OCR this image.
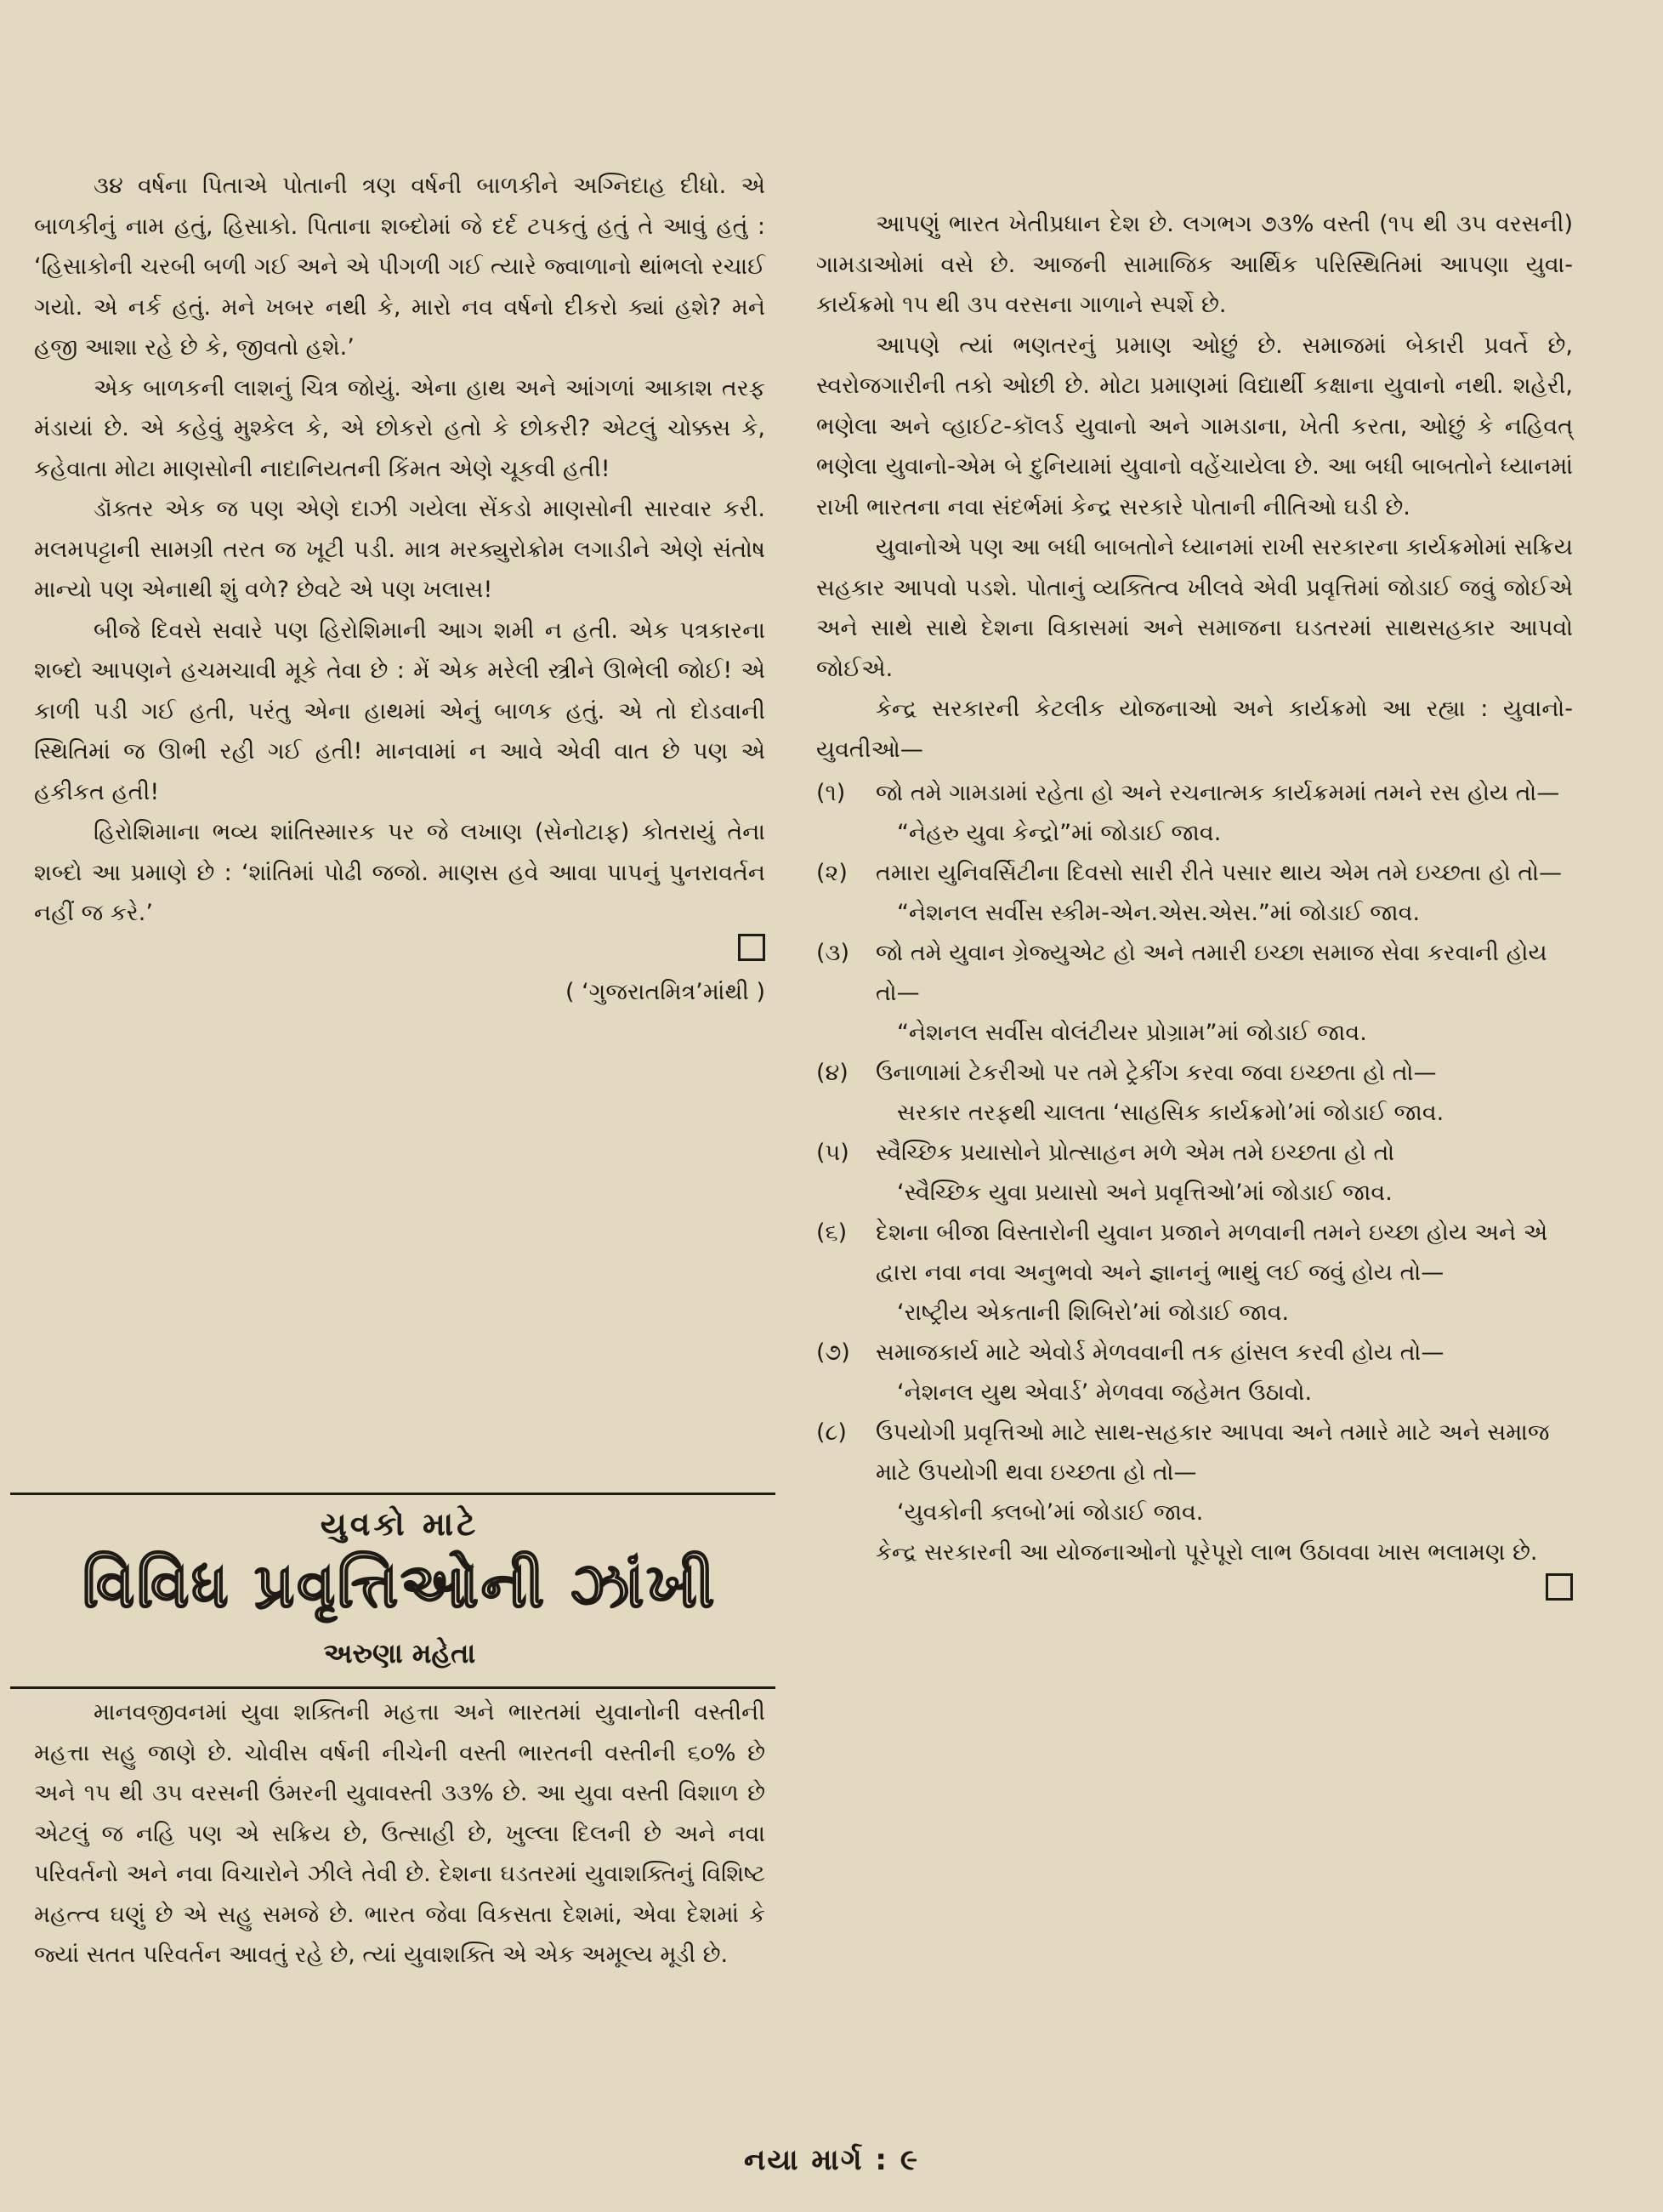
૩૪ વર્ષના પિતાએ પોતાની ત્રણ વર્ષની બાળકીને અગ્નિદાહ દીધો. એ બાળકીનું નામ હતું, હિસાકો. પિતાના શબ્દોમાં જે દર્દ ટપકતું હતું તે આવું હતું : ‘હિસાકોની ચરબી બળી ગઈ અને એ પીગળી ગઈ ત્યારે જ્વાળાનો થાંભલો રચાઈ ગયો. એ નર્ક હતું. મને ખબર નથી કે, મારો નવ વર્ષનો દીકરો ક્યાં હશે? મને હજી આશા રહે છે કે, જીવતો હશે.’

એક બાળકની લાશનું ચિત્ર જોયું. એના હાથ અને આંગળાં આકાશ તરફ મંડાયાં છે. એ કહેવું મુશ્કેલ કે, એ છોકરો હતો કે છોકરી? એટલું ચોક્કસ કે, કહેવાતા મોટા માણસોની નાદાનિયતની કિંમત એણે ચૂકવી હતી!

ડૉક્તર એક જ પણ એણે દાઝી ગયેલા સેંકડો માણસોની સારવાર કરી. મલમપટ્ટાની સામગ્રી તરત જ ખૂટી પડી. માત્ર મરક્યુરોક્રોમ લગાડીને એણે સંતોષ માન્યો પણ એનાથી શું વળે? છેવટે એ પણ ખલાસ!

બીજે દિવસે સવારે પણ હિરોશિમાની આગ શમી ન હતી. એક પત્રકારના શબ્દો આપણને હચમચાવી મૂકે તેવા છે : મેં એક મરેલી સ્ત્રીને ઊભેલી જોઈ! એ કાળી પડી ગઈ હતી, પરંતુ એના હાથમાં એનું બાળક હતું. એ તો દોડવાની સ્થિતિમાં જ ઊભી રહી ગઈ હતી! માનવામાં ન આવે એવી વાત છે પણ એ હકીકત હતી!

હિરોશિમાના ભવ્ય શાંતિસ્મારક પર જે લખાણ (સેનોટાફ) કોતરાયું તેના શબ્દો આ પ્રમાણે છે : ‘શાંતિમાં પોઢી જજો. માણસ હવે આવા પાપનું પુનરાવર્તન નહીં જ કરે.’

( ‘ગુજરાતમિત્ર’માંથી )
યુવકો માટે
વિવિધ પ્રવૃત્તિઓની ઝાંખી
અરુણા મહેતા

માનવજીવનમાં યુવા શક્તિની મહત્તા અને ભારતમાં યુવાનોની વસ્તીની મહત્તા સહુ જાણે છે. ચોવીસ વર્ષની નીચેની વસ્તી ભારતની વસ્તીની ૬૦% છે અને ૧૫ થી ૩૫ વરસની ઉંમરની યુવાવસ્તી ૩૩% છે. આ યુવા વસ્તી વિશાળ છે એટલું જ નહિ પણ એ સક્રિય છે, ઉત્સાહી છે, ખુલ્લા દિલની છે અને નવા પરિવર્તનો અને નવા વિચારોને ઝીલે તેવી છે. દેશના ઘડતરમાં યુવાશક્તિનું વિશિષ્ટ મહત્ત્વ ઘણું છે એ સહુ સમજે છે. ભારત જેવા વિકસતા દેશમાં, એવા દેશમાં કે જ્યાં સતત પરિવર્તન આવતું રહે છે, ત્યાં યુવાશક્તિ એ એક અમૂલ્ય મૂડી છે.

આપણું ભારત ખેતીપ્રધાન દેશ છે. લગભગ ૭૩% વસ્તી (૧૫ થી ૩૫ વરસની) ગામડાઓમાં વસે છે. આજની સામાજિક આર્થિક પરિસ્થિતિમાં આપણા યુવા-કાર્યક્રમો ૧૫ થી ૩૫ વરસના ગાળાને સ્પર્શે છે.

આપણે ત્યાં ભણતરનું પ્રમાણ ઓછું છે. સમાજમાં બેકારી પ્રવર્તે છે, સ્વરોજગારીની તકો ઓછી છે. મોટા પ્રમાણમાં વિદ્યાર્થી કક્ષાના યુવાનો નથી. શહેરી, ભણેલા અને વ્હાઈટ-કૉલર્ડ યુવાનો અને ગામડાના, ખેતી કરતા, ઓછું કે નહિવત્ ભણેલા યુવાનો-એમ બે દુનિયામાં યુવાનો વહેંચાયેલા છે. આ બધી બાબતોને ધ્યાનમાં રાખી ભારતના નવા સંદર્ભમાં કેન્દ્ર સરકારે પોતાની નીતિઓ ઘડી છે.

યુવાનોએ પણ આ બધી બાબતોને ધ્યાનમાં રાખી સરકારના કાર્યક્રમોમાં સક્રિય સહકાર આપવો પડશે. પોતાનું વ્યક્તિત્વ ખીલવે એવી પ્રવૃત્તિમાં જોડાઈ જવું જોઈએ અને સાથે સાથે દેશના વિકાસમાં અને સમાજના ઘડતરમાં સાથસહકાર આપવો જોઈએ.

કેન્દ્ર સરકારની કેટલીક યોજનાઓ અને કાર્યક્રમો આ રહ્યા : યુવાનો-યુવતીઓ—

(૧)	જો તમે ગામડામાં રહેતા હો અને રચનાત્મક કાર્યક્રમમાં તમને રસ હોય તો—
“નેહરુ યુવા કેન્દ્રો”માં જોડાઈ જાવ.
(૨)	તમારા યુનિવર્સિટીના દિવસો સારી રીતે પસાર થાય એમ તમે ઇચ્છતા હો તો—
“નેશનલ સર્વીસ સ્કીમ-એન.એસ.એસ.”માં જોડાઈ જાવ.
(૩)	જો તમે યુવાન ગ્રેજ્યુએટ હો અને તમારી ઇચ્છા સમાજ સેવા કરવાની હોય તો—
“નેશનલ સર્વીસ વોલંટીયર પ્રોગ્રામ”માં જોડાઈ જાવ.
(૪)	ઉનાળામાં ટેકરીઓ પર તમે ટ્રેકીંગ કરવા જવા ઇચ્છતા હો તો—
સરકાર તરફથી ચાલતા ‘સાહસિક કાર્યક્રમો’માં જોડાઈ જાવ.
(૫)	સ્વૈચ્છિક પ્રયાસોને પ્રોત્સાહન મળે એમ તમે ઇચ્છતા હો તો
‘સ્વૈચ્છિક યુવા પ્રયાસો અને પ્રવૃત્તિઓ’માં જોડાઈ જાવ.
(૬)	દેશના બીજા વિસ્તારોની યુવાન પ્રજાને મળવાની તમને ઇચ્છા હોય અને એ દ્વારા નવા નવા અનુભવો અને જ્ઞાનનું ભાથું લઈ જવું હોય તો—
‘રાષ્ટ્રીય એકતાની શિબિરો’માં જોડાઈ જાવ.
(૭)	સમાજકાર્ય માટે એવોર્ડ મેળવવાની તક હાંસલ કરવી હોય તો—
‘નેશનલ યુથ એવાર્ડ’ મેળવવા જહેમત ઉઠાવો.
(૮)	ઉપયોગી પ્રવૃત્તિઓ માટે સાથ-સહકાર આપવા અને તમારે માટે અને સમાજ માટે ઉપયોગી થવા ઇચ્છતા હો તો—
‘યુવકોની ક્લબો’માં જોડાઈ જાવ.

કેન્દ્ર સરકારની આ યોજનાઓનો પૂરેપૂરો લાભ ઉઠાવવા ખાસ ભલામણ છે.

નયા માર્ગ : ૯
